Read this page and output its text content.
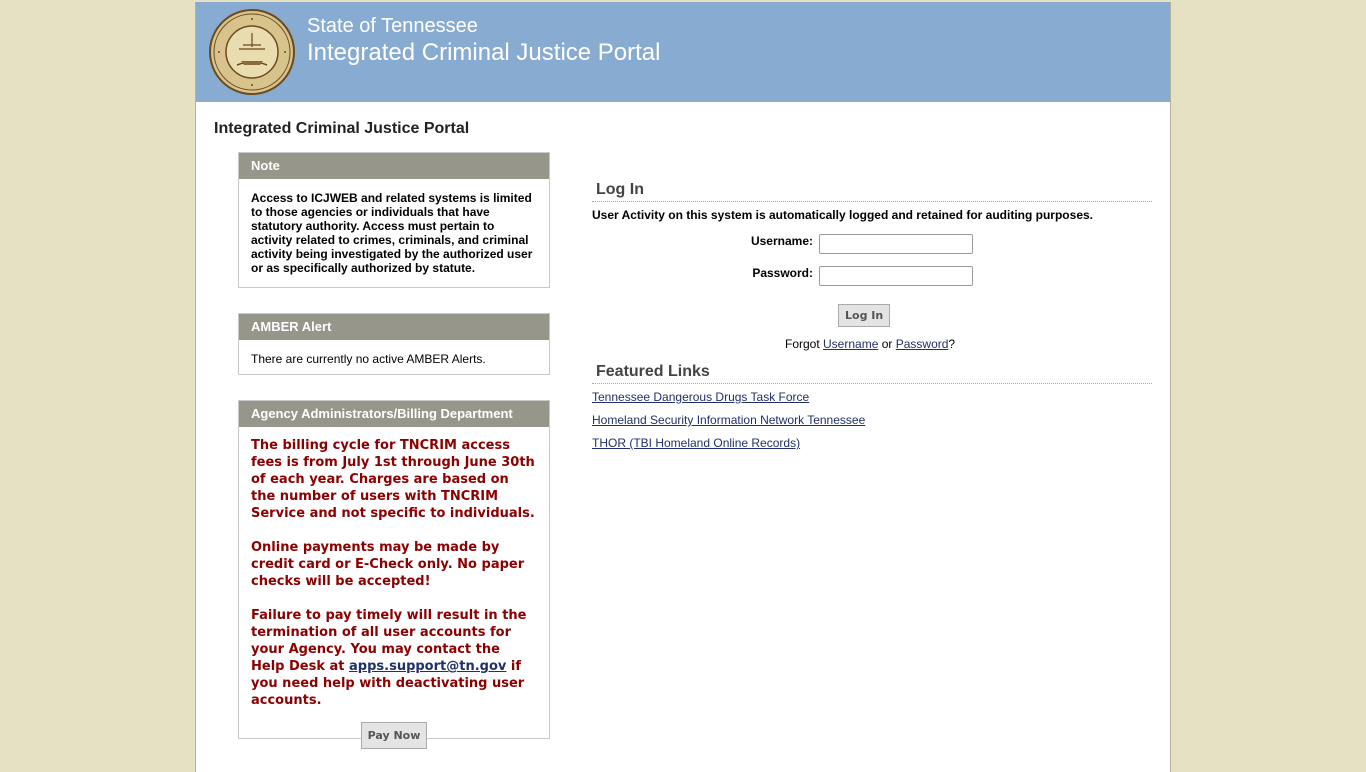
State of Tennessee
Integrated Criminal Justice Portal
Integrated Criminal Justice Portal
Note
Access to ICJWEB and related systems is limited to those agencies or individuals that have statutory authority. Access must pertain to activity related to crimes, criminals, and criminal activity being investigated by the authorized user or as specifically authorized by statute.
AMBER Alert
There are currently no active AMBER Alerts.
Agency Administrators/Billing Department

The billing cycle for TNCRIM access fees is from July 1st through June 30th of each year. Charges are based on the number of users with TNCRIM Service and not specific to individuals.

Online payments may be made by credit card or E-Check only. No paper checks will be accepted!

Failure to pay timely will result in the termination of all user accounts for your Agency. You may contact the Help Desk at apps.support@tn.gov if you need help with deactivating user accounts.

Pay Now
Log In
User Activity on this system is automatically logged and retained for auditing purposes.
Username:
Password:
Log In
Forgot Username or Password?
Featured Links
Tennessee Dangerous Drugs Task Force
Homeland Security Information Network Tennessee
THOR (TBI Homeland Online Records)
